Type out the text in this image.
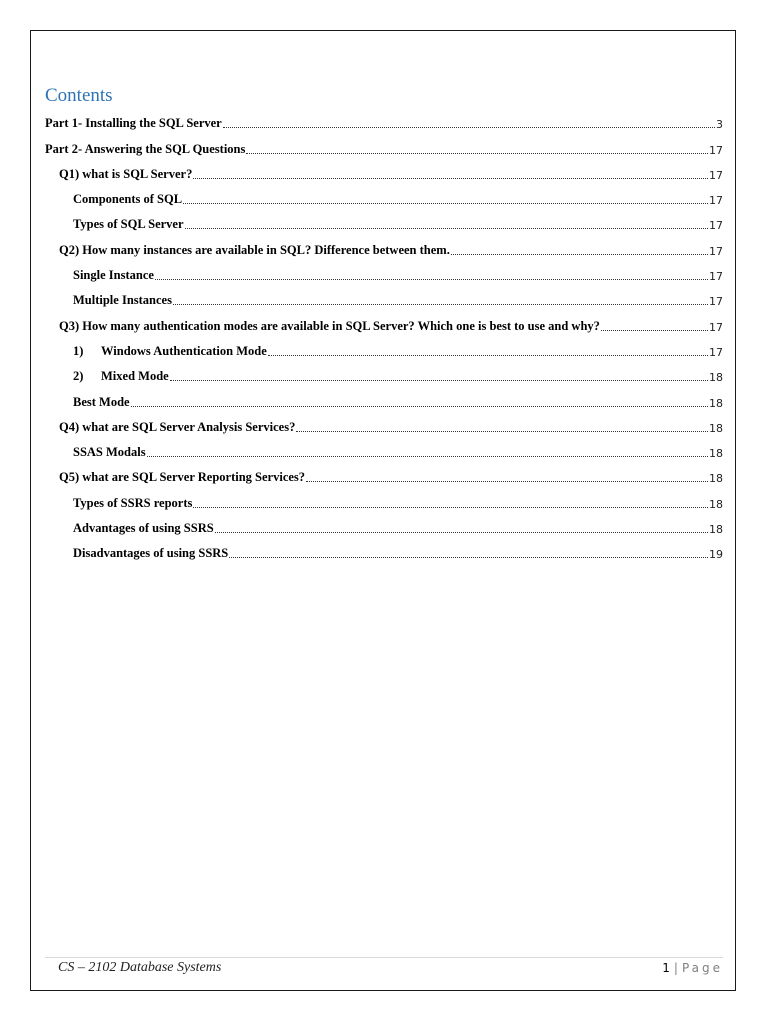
Contents
Part 1- Installing the SQL Server	3
Part 2- Answering the SQL Questions	17
Q1) what is SQL Server?	17
Components of SQL	17
Types of SQL Server	17
Q2) How many instances are available in SQL? Difference between them.	17
Single Instance	17
Multiple Instances	17
Q3) How many authentication modes are available in SQL Server? Which one is best to use and why?	17
1)	Windows Authentication Mode	17
2)	Mixed Mode	18
Best Mode	18
Q4) what are SQL Server Analysis Services?	18
SSAS Modals	18
Q5) what are SQL Server Reporting Services?	18
Types of SSRS reports	18
Advantages of using SSRS	18
Disadvantages of using SSRS	19
CS – 2102 Database Systems	1 | Page
